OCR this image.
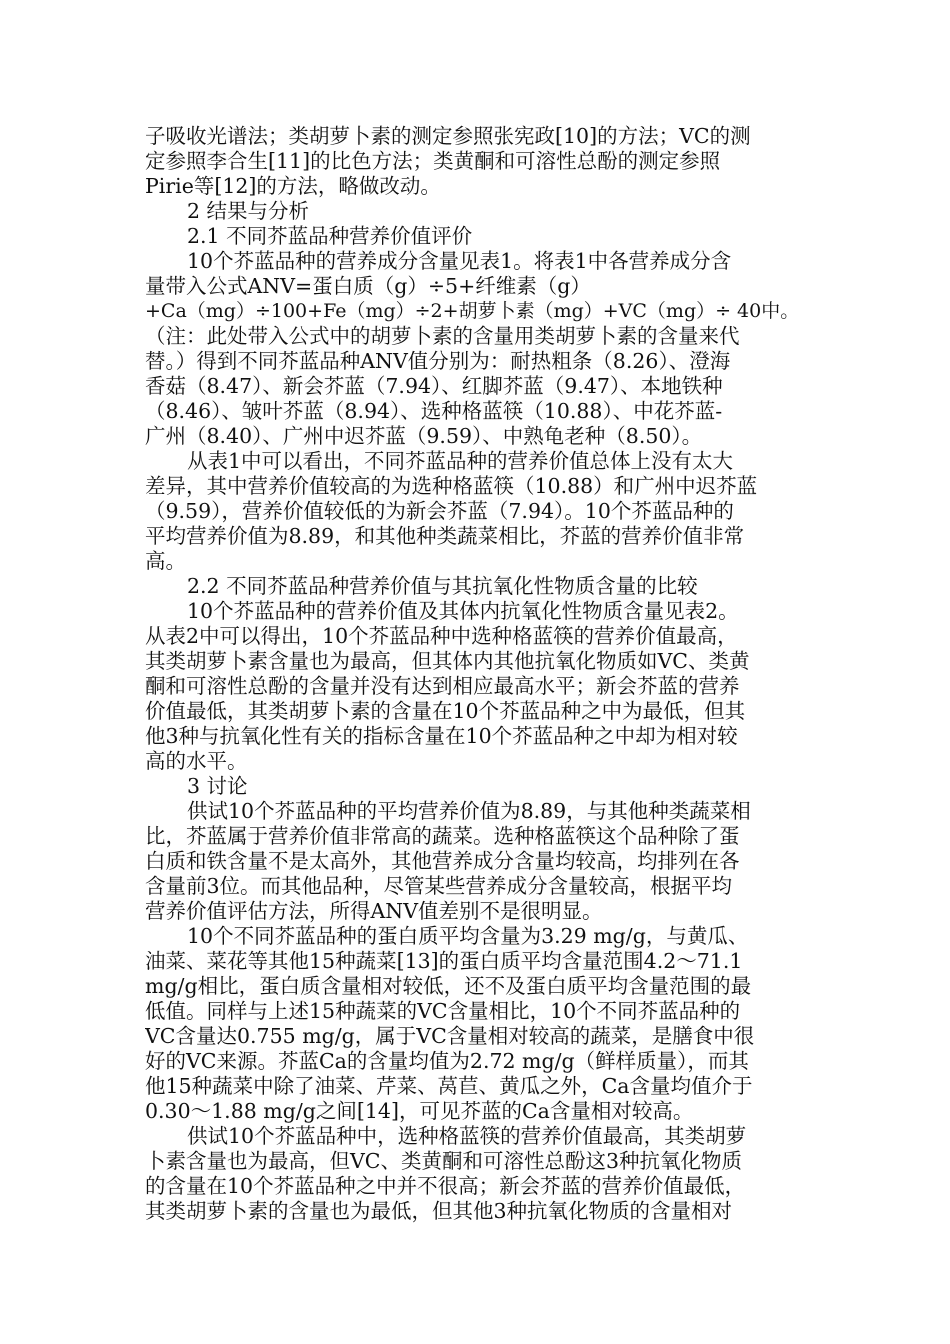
子吸收光谱法；类胡萝卜素的测定参照张宪政[10]的方法；VC的测
定参照李合生[11]的比色方法；类黄酮和可溶性总酚的测定参照
Pirie等[12]的方法，略做改动。
2 结果与分析
2.1 不同芥蓝品种营养价值评价
10个芥蓝品种的营养成分含量见表1。将表1中各营养成分含
量带入公式ANV=蛋白质（g）÷5+纤维素（g）
+Ca（mg）÷100+Fe（mg）÷2+胡萝卜素（mg）+VC（mg）÷ 40中。
（注：此处带入公式中的胡萝卜素的含量用类胡萝卜素的含量来代
替。）得到不同芥蓝品种ANV值分别为：耐热粗条（8.26）、澄海
香菇（8.47）、新会芥蓝（7.94）、红脚芥蓝（9.47）、本地铁种
（8.46）、皱叶芥蓝（8.94）、选种格蓝筷（10.88）、中花芥蓝-
广州（8.40）、广州中迟芥蓝（9.59）、中熟龟老种（8.50）。
从表1中可以看出，不同芥蓝品种的营养价值总体上没有太大
差异，其中营养价值较高的为选种格蓝筷（10.88）和广州中迟芥蓝
（9.59），营养价值较低的为新会芥蓝（7.94）。10个芥蓝品种的
平均营养价值为8.89，和其他种类蔬菜相比，芥蓝的营养价值非常
高。
2.2 不同芥蓝品种营养价值与其抗氧化性物质含量的比较
10个芥蓝品种的营养价值及其体内抗氧化性物质含量见表2。
从表2中可以得出，10个芥蓝品种中选种格蓝筷的营养价值最高，
其类胡萝卜素含量也为最高，但其体内其他抗氧化物质如VC、类黄
酮和可溶性总酚的含量并没有达到相应最高水平；新会芥蓝的营养
价值最低，其类胡萝卜素的含量在10个芥蓝品种之中为最低，但其
他3种与抗氧化性有关的指标含量在10个芥蓝品种之中却为相对较
高的水平。
3 讨论
供试10个芥蓝品种的平均营养价值为8.89，与其他种类蔬菜相
比，芥蓝属于营养价值非常高的蔬菜。选种格蓝筷这个品种除了蛋
白质和铁含量不是太高外，其他营养成分含量均较高，均排列在各
含量前3位。而其他品种，尽管某些营养成分含量较高，根据平均
营养价值评估方法，所得ANV值差别不是很明显。
10个不同芥蓝品种的蛋白质平均含量为3.29 mg/g，与黄瓜、
油菜、菜花等其他15种蔬菜[13]的蛋白质平均含量范围4.2～71.1
mg/g相比，蛋白质含量相对较低，还不及蛋白质平均含量范围的最
低值。同样与上述15种蔬菜的VC含量相比，10个不同芥蓝品种的
VC含量达0.755 mg/g，属于VC含量相对较高的蔬菜，是膳食中很
好的VC来源。芥蓝Ca的含量均值为2.72 mg/g（鲜样质量），而其
他15种蔬菜中除了油菜、芹菜、莴苣、黄瓜之外，Ca含量均值介于
0.30～1.88 mg/g之间[14]，可见芥蓝的Ca含量相对较高。
供试10个芥蓝品种中，选种格蓝筷的营养价值最高，其类胡萝
卜素含量也为最高，但VC、类黄酮和可溶性总酚这3种抗氧化物质
的含量在10个芥蓝品种之中并不很高；新会芥蓝的营养价值最低，
其类胡萝卜素的含量也为最低，但其他3种抗氧化物质的含量相对
